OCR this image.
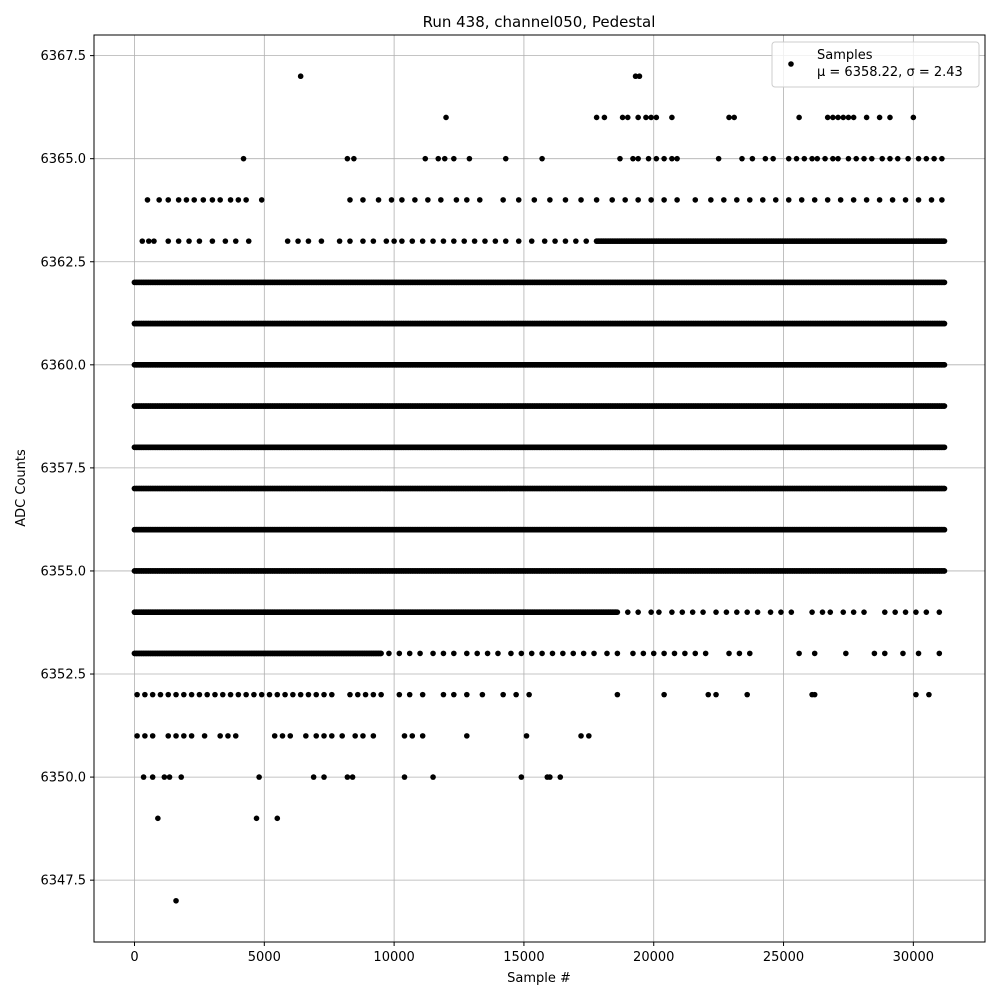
0	5000	10000	15000	20000	25000	30000
6347.5
6350.0
6352.5
6355.0
6357.5
6360.0
6362.5
6365.0
6367.5
Run 438, channel050, Pedestal
Sample #
ADC Counts
Samples
μ = 6358.22, σ = 2.43
